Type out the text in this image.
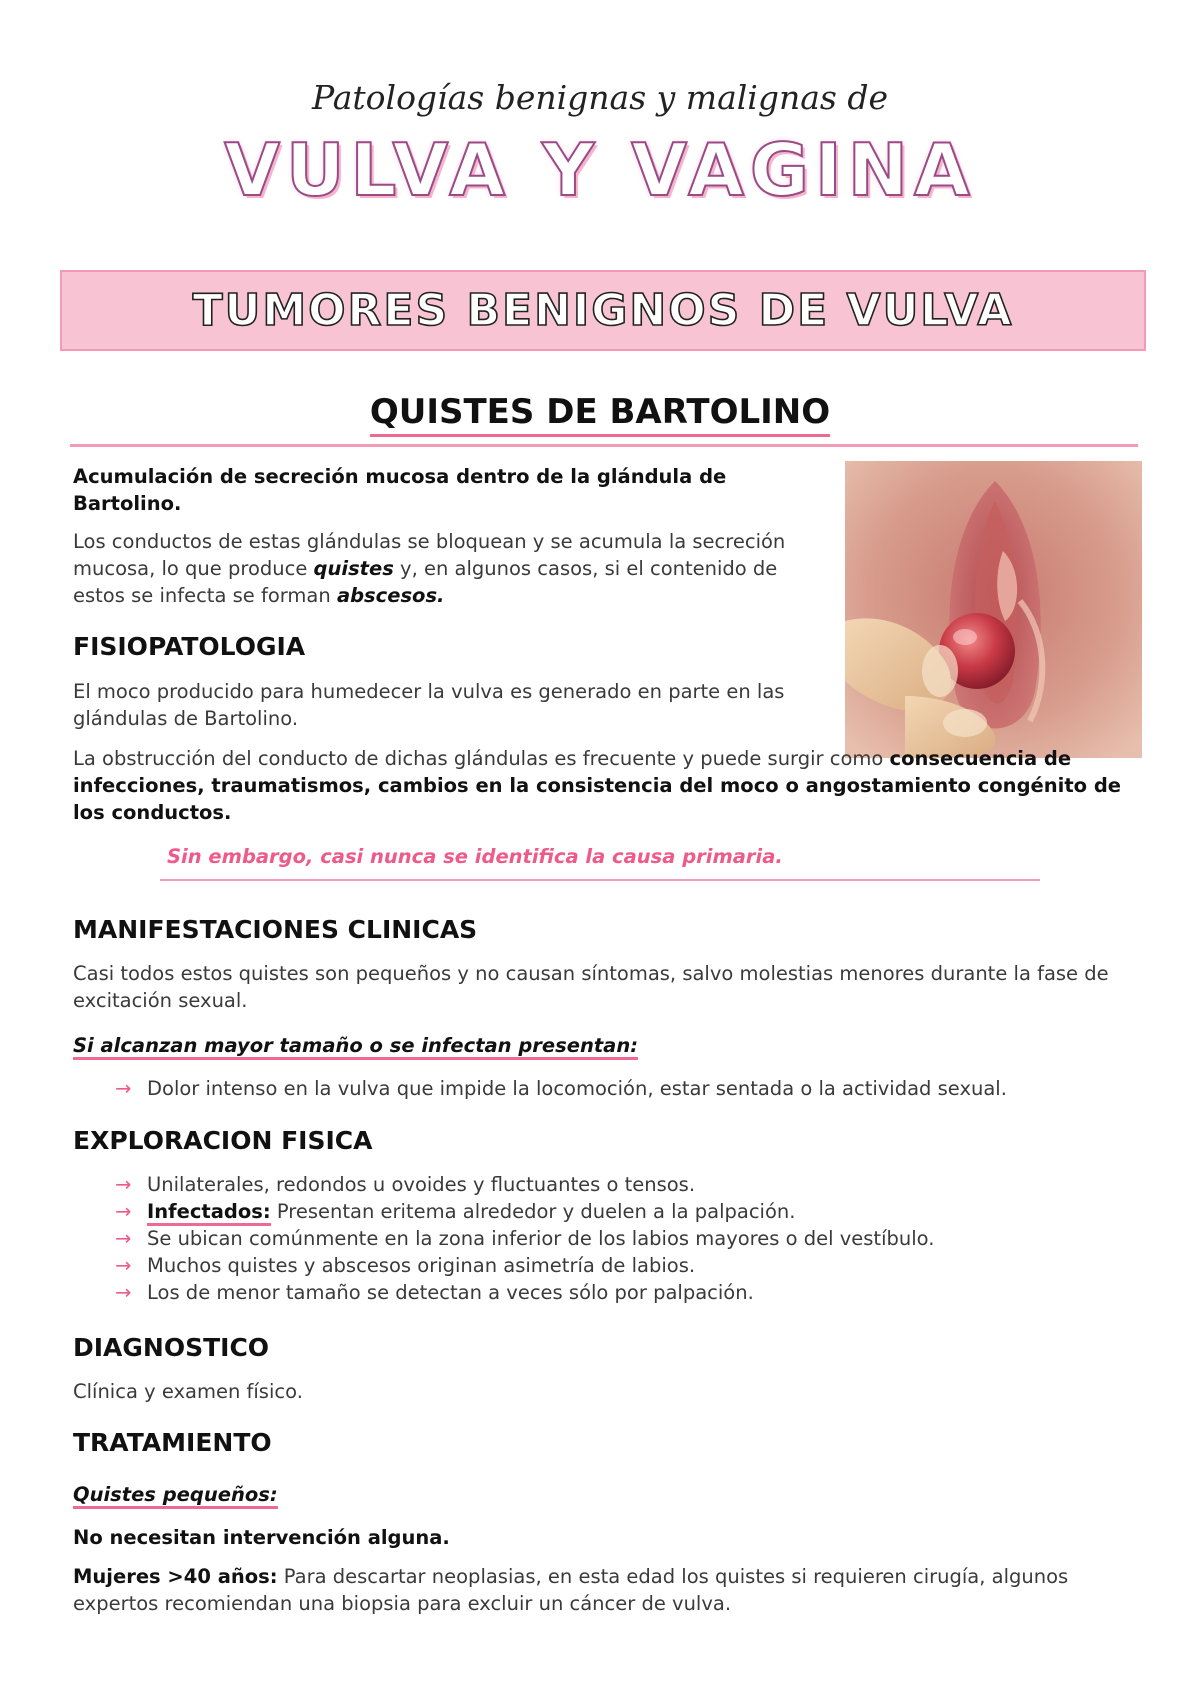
Patologías benignas y malignas de
VULVA Y VAGINA
TUMORES BENIGNOS DE VULVA
QUISTES DE BARTOLINO

Acumulación de secreción mucosa dentro de la glándula de Bartolino.

Los conductos de estas glándulas se bloquean y se acumula la secreción mucosa, lo que produce quistes y, en algunos casos, si el contenido de estos se infecta se forman abscesos.

FISIOPATOLOGIA

El moco producido para humedecer la vulva es generado en parte en las glándulas de Bartolino.

La obstrucción del conducto de dichas glándulas es frecuente y puede surgir como consecuencia de infecciones, traumatismos, cambios en la consistencia del moco o angostamiento congénito de los conductos.

Sin embargo, casi nunca se identifica la causa primaria.
MANIFESTACIONES CLINICAS

Casi todos estos quistes son pequeños y no causan síntomas, salvo molestias menores durante la fase de excitación sexual.

Si alcanzan mayor tamaño o se infectan presentan:
→ Dolor intenso en la vulva que impide la locomoción, estar sentada o la actividad sexual.
EXPLORACION FISICA
→ Unilaterales, redondos u ovoides y fluctuantes o tensos.
→ Infectados: Presentan eritema alrededor y duelen a la palpación.
→ Se ubican comúnmente en la zona inferior de los labios mayores o del vestíbulo.
→ Muchos quistes y abscesos originan asimetría de labios.
→ Los de menor tamaño se detectan a veces sólo por palpación.
DIAGNOSTICO

Clínica y examen físico.

TRATAMIENTO
Quistes pequeños:

No necesitan intervención alguna.

Mujeres >40 años: Para descartar neoplasias, en esta edad los quistes si requieren cirugía, algunos expertos recomiendan una biopsia para excluir un cáncer de vulva.
